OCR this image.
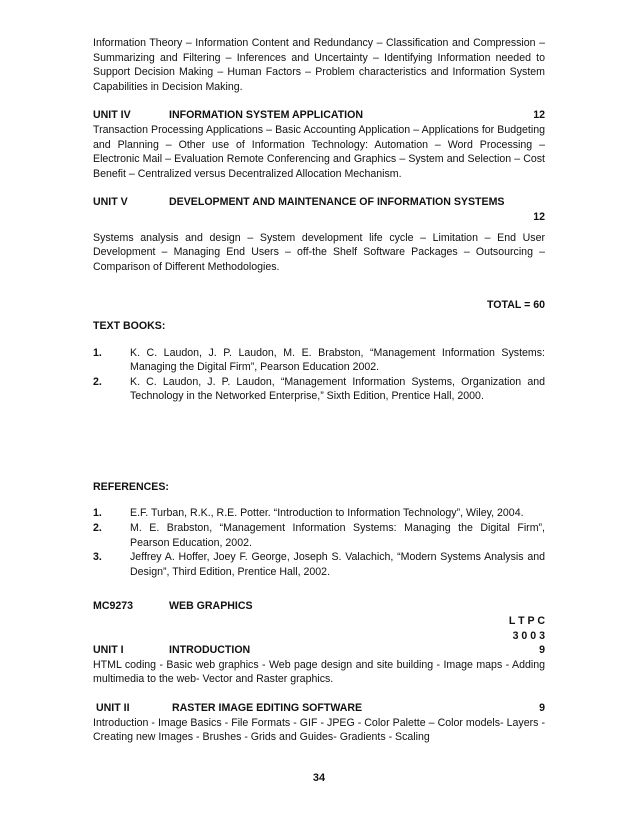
Information Theory – Information Content and Redundancy – Classification and Compression – Summarizing and Filtering – Inferences and Uncertainty – Identifying Information needed to Support Decision Making – Human Factors – Problem characteristics and Information System Capabilities in Decision Making.

UNIT IV	INFORMATION SYSTEM APPLICATION	12

Transaction Processing Applications – Basic Accounting Application – Applications for Budgeting and Planning – Other use of Information Technology: Automation – Word Processing – Electronic Mail – Evaluation Remote Conferencing and Graphics – System and Selection – Cost Benefit – Centralized versus Decentralized Allocation Mechanism.

UNIT V	DEVELOPMENT AND MAINTENANCE OF INFORMATION SYSTEMS
12

Systems analysis and design – System development life cycle – Limitation – End User Development – Managing End Users – off-the Shelf Software Packages – Outsourcing – Comparison of Different Methodologies.

TOTAL = 60
TEXT BOOKS:
1.	K. C. Laudon, J. P. Laudon, M. E. Brabston, “Management Information Systems: Managing the Digital Firm”, Pearson Education 2002.
2.	K. C. Laudon, J. P. Laudon, “Management Information Systems, Organization and Technology in the Networked Enterprise,” Sixth Edition, Prentice Hall, 2000.
REFERENCES:
1.	E.F. Turban, R.K., R.E. Potter. “Introduction to Information Technology”, Wiley, 2004.
2.	M. E. Brabston, “Management Information Systems: Managing the Digital Firm”, Pearson Education, 2002.
3.	Jeffrey A. Hoffer, Joey F. George, Joseph S. Valachich, “Modern Systems Analysis and Design”, Third Edition, Prentice Hall, 2002.
MC9273	WEB GRAPHICS
L T P C
3 0 0 3
UNIT I	INTRODUCTION	9

HTML coding - Basic web graphics - Web page design and site building - Image maps - Adding multimedia to the web- Vector and Raster graphics.

UNIT II	RASTER IMAGE EDITING SOFTWARE	9

Introduction - Image Basics - File Formats - GIF - JPEG - Color Palette – Color models- Layers - Creating new Images - Brushes - Grids and Guides- Gradients - Scaling

34
